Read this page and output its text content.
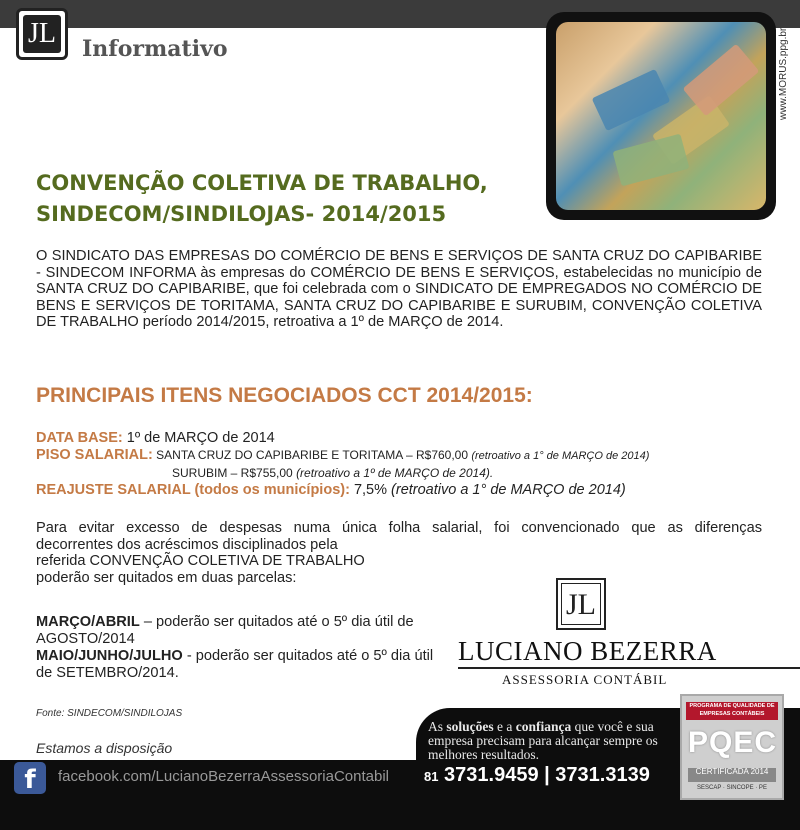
JL Informativo	www.MORUS.ppg.br
CONVENÇÃO COLETIVA DE TRABALHO,
SINDECOM/SINDILOJAS- 2014/2015
O SINDICATO DAS EMPRESAS DO COMÉRCIO DE BENS E SERVIÇOS DE SANTA CRUZ DO CAPIBARIBE - SINDECOM INFORMA às empresas do COMÉRCIO DE BENS E SERVIÇOS, estabelecidas no município de SANTA CRUZ DO CAPIBARIBE, que foi celebrada com o SINDICATO DE EMPREGADOS NO COMÉRCIO DE BENS E SERVIÇOS DE TORITAMA, SANTA CRUZ DO CAPIBARIBE E SURUBIM, CONVENÇÃO COLETIVA DE TRABALHO período 2014/2015, retroativa a 1º de MARÇO de 2014.
PRINCIPAIS ITENS NEGOCIADOS CCT 2014/2015:
DATA BASE: 1º de MARÇO de 2014
PISO SALARIAL: SANTA CRUZ DO CAPIBARIBE E TORITAMA – R$760,00 (retroativo a 1° de MARÇO de 2014)
SURUBIM – R$755,00 (retroativo a 1º de MARÇO de 2014).
REAJUSTE SALARIAL (todos os municípios): 7,5% (retroativo a 1° de MARÇO de 2014)
Para evitar excesso de despesas numa única folha salarial, foi convencionado que as diferenças
decorrentes dos acréscimos disciplinados pela
referida CONVENÇÃO COLETIVA DE TRABALHO
poderão ser quitados em duas parcelas:
MARÇO/ABRIL – poderão ser quitados até o 5º dia útil de AGOSTO/2014
MAIO/JUNHO/JULHO - poderão ser quitados até o 5º dia útil de SETEMBRO/2014.
Fonte: SINDECOM/SINDILOJAS
Estamos a disposição
JL
LUCIANO BEZERRA
ASSESSORIA CONTÁBIL
As soluções e a confiança que você e sua empresa precisam para alcançar sempre os melhores resultados.
f	facebook.com/LucianoBezerraAssessoriaContabil	81 3731.9459 | 3731.3139
PROGRAMA DE QUALIDADE DE EMPRESAS CONTÁBEIS
PQEC
CERTIFICADA 2014
SESCAP · SINCOPE · PE
